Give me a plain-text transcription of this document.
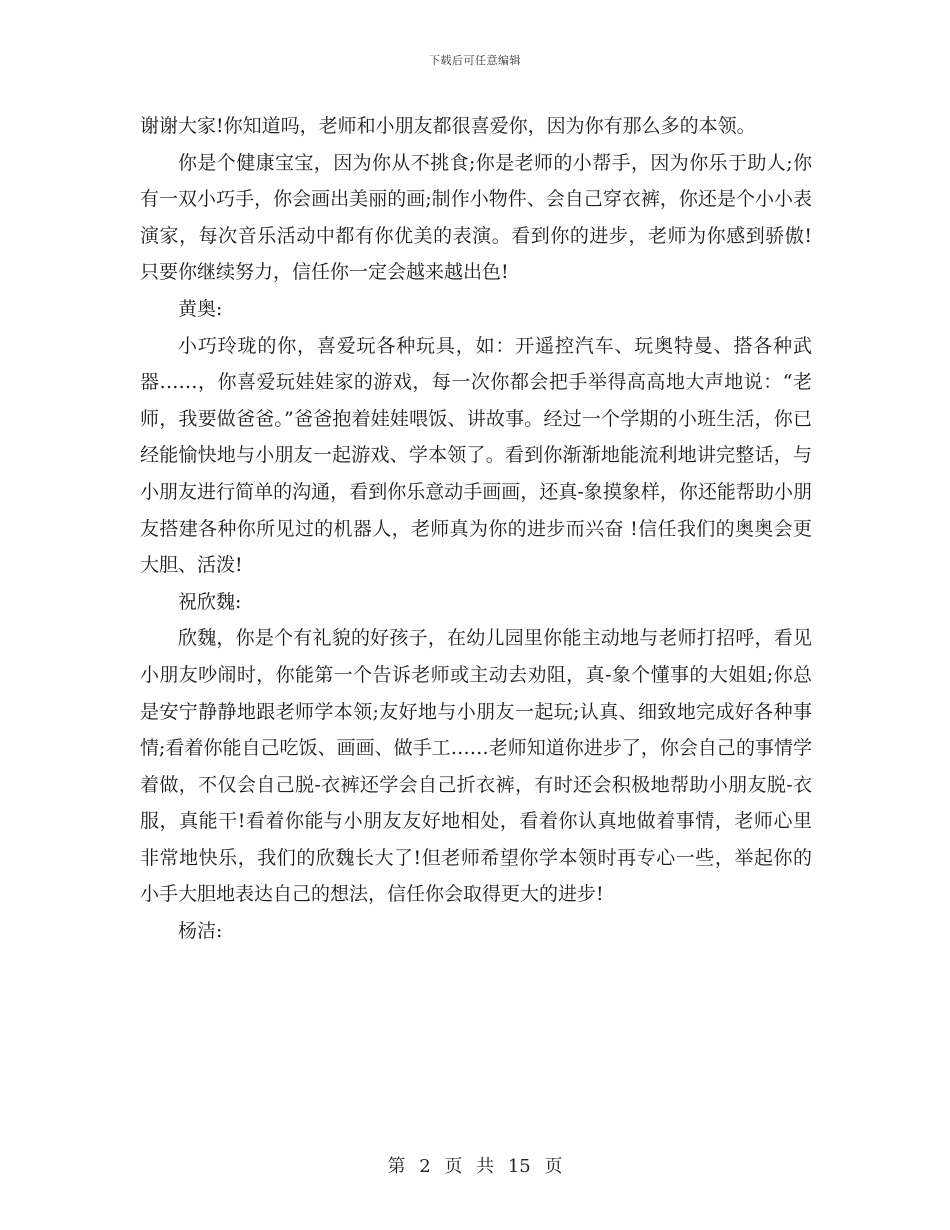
下载后可任意编辑

谢谢大家!你知道吗，老师和小朋友都很喜爱你，因为你有那么多的本领。

你是个健康宝宝，因为你从不挑食;你是老师的小帮手，因为你乐于助人;你有一双小巧手，你会画出美丽的画;制作小物件、会自己穿衣裤，你还是个小小表演家，每次音乐活动中都有你优美的表演。看到你的进步，老师为你感到骄傲!只要你继续努力，信任你一定会越来越出色!

黄奥:

小巧玲珑的你，喜爱玩各种玩具，如：开遥控汽车、玩奥特曼、搭各种武器……，你喜爱玩娃娃家的游戏，每一次你都会把手举得高高地大声地说：“老师，我要做爸爸。”爸爸抱着娃娃喂饭、讲故事。经过一个学期的小班生活，你已经能愉快地与小朋友一起游戏、学本领了。看到你渐渐地能流利地讲完整话，与小朋友进行简单的沟通，看到你乐意动手画画，还真-象摸象样，你还能帮助小朋友搭建各种你所见过的机器人，老师真为你的进步而兴奋 !信任我们的奥奥会更大胆、活泼!

祝欣魏:

欣魏，你是个有礼貌的好孩子，在幼儿园里你能主动地与老师打招呼，看见小朋友吵闹时，你能第一个告诉老师或主动去劝阻，真-象个懂事的大姐姐;你总是安宁静静地跟老师学本领;友好地与小朋友一起玩;认真、细致地完成好各种事情;看着你能自己吃饭、画画、做手工……老师知道你进步了，你会自己的事情学着做，不仅会自己脱-衣裤还学会自己折衣裤，有时还会积极地帮助小朋友脱-衣服，真能干!看着你能与小朋友友好地相处，看着你认真地做着事情，老师心里非常地快乐，我们的欣魏长大了!但老师希望你学本领时再专心一些，举起你的小手大胆地表达自己的想法，信任你会取得更大的进步!

杨洁:

第 2 页 共 15 页
